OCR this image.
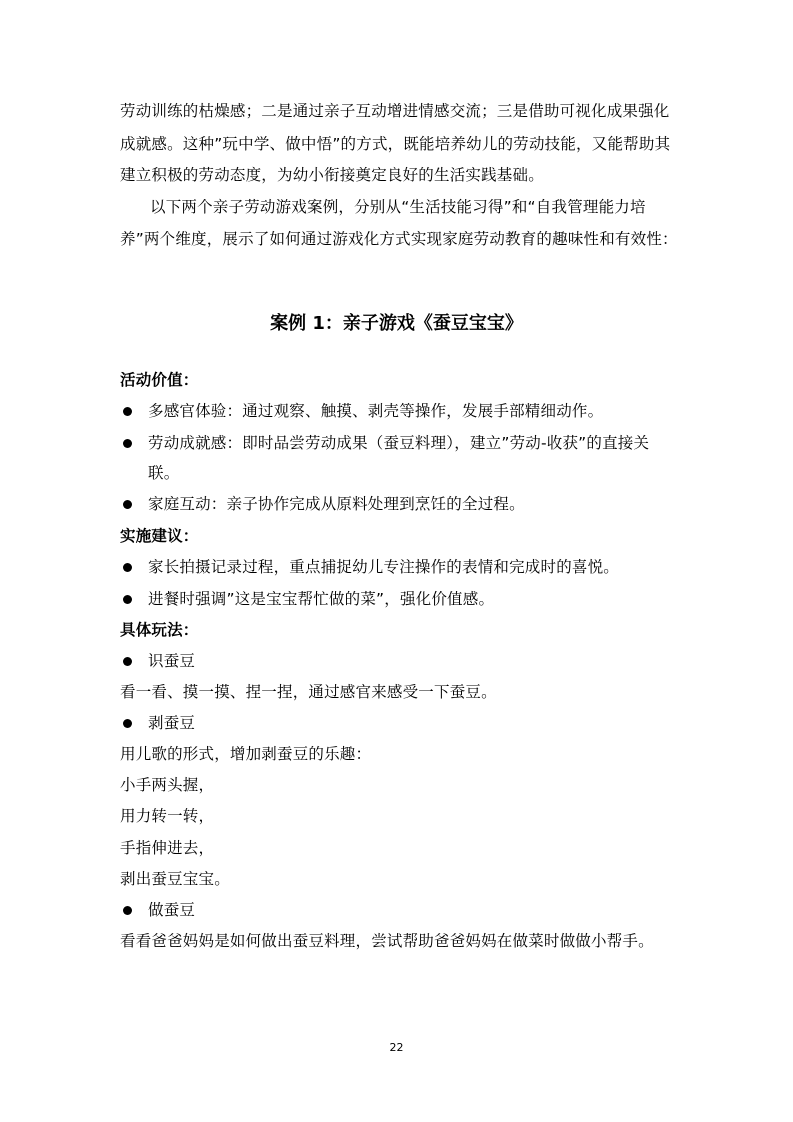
劳动训练的枯燥感；二是通过亲子互动增进情感交流；三是借助可视化成果强化
成就感。这种”玩中学、做中悟”的方式，既能培养幼儿的劳动技能，又能帮助其
建立积极的劳动态度，为幼小衔接奠定良好的生活实践基础。
以下两个亲子劳动游戏案例，分别从“生活技能习得”和“自我管理能力培
养”两个维度，展示了如何通过游戏化方式实现家庭劳动教育的趣味性和有效性：
案例 1：亲子游戏《蚕豆宝宝》
活动价值：
多感官体验：通过观察、触摸、剥壳等操作，发展手部精细动作。
劳动成就感：即时品尝劳动成果（蚕豆料理），建立”劳动-收获”的直接关
联。
家庭互动：亲子协作完成从原料处理到烹饪的全过程。
实施建议：
家长拍摄记录过程，重点捕捉幼儿专注操作的表情和完成时的喜悦。
进餐时强调”这是宝宝帮忙做的菜”，强化价值感。
具体玩法：
识蚕豆
看一看、摸一摸、捏一捏，通过感官来感受一下蚕豆。
剥蚕豆
用儿歌的形式，增加剥蚕豆的乐趣：
小手两头握，
用力转一转，
手指伸进去，
剥出蚕豆宝宝。
做蚕豆
看看爸爸妈妈是如何做出蚕豆料理，尝试帮助爸爸妈妈在做菜时做做小帮手。
22
